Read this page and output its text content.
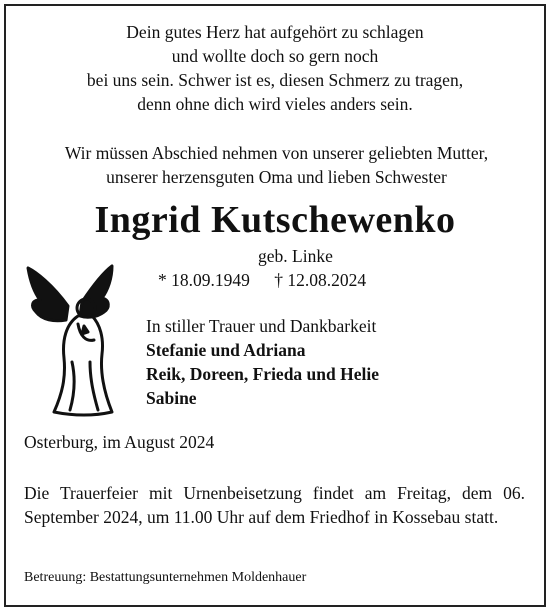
Dein gutes Herz hat aufgehört zu schlagen
und wollte doch so gern noch
bei uns sein. Schwer ist es, diesen Schmerz zu tragen,
denn ohne dich wird vieles anders sein.
Wir müssen Abschied nehmen von unserer geliebten Mutter,
unserer herzensguten Oma und lieben Schwester
Ingrid Kutschewenko
geb. Linke
* 18.09.1949 † 12.08.2024
In stiller Trauer und Dankbarkeit
Stefanie und Adriana
Reik, Doreen, Frieda und Helie
Sabine
Osterburg, im August 2024
Die Trauerfeier mit Urnenbeisetzung findet am Freitag, dem 06. September 2024, um 11.00 Uhr auf dem Friedhof in Kossebau statt.
Betreuung: Bestattungsunternehmen Moldenhauer
